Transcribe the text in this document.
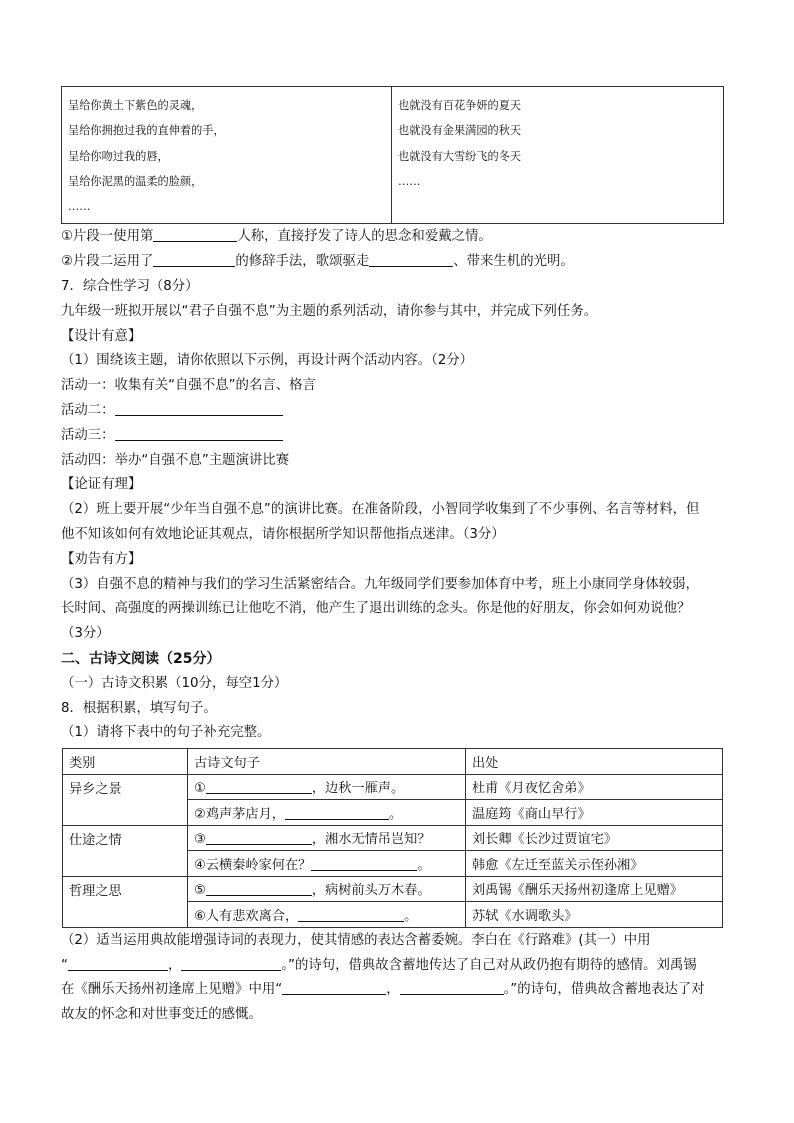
呈给你黄土下紫色的灵魂，
呈给你拥抱过我的直伸着的手，
呈给你吻过我的唇，
呈给你泥黑的温柔的脸颜，
……

也就没有百花争妍的夏天
也就没有金果满园的秋天
也就没有大雪纷飞的冬天
……
①片段一使用第	人称，直接抒发了诗人的思念和爱戴之情。
②片段二运用了	的修辞手法，歌颂驱走	、带来生机的光明。
7．综合性学习（8分）
九年级一班拟开展以“君子自强不息”为主题的系列活动，请你参与其中，并完成下列任务。
【设计有意】
（1）围绕该主题，请你依照以下示例，再设计两个活动内容。（2分）
活动一：收集有关“自强不息”的名言、格言
活动二：
活动三：
活动四：举办“自强不息”主题演讲比赛
【论证有理】
（2）班上要开展“少年当自强不息”的演讲比赛。在准备阶段，小智同学收集到了不少事例、名言等材料，但
他不知该如何有效地论证其观点，请你根据所学知识帮他指点迷津。（3分）
【劝告有方】
（3）自强不息的精神与我们的学习生活紧密结合。九年级同学们要参加体育中考，班上小康同学身体较弱，
长时间、高强度的两操训练已让他吃不消，他产生了退出训练的念头。你是他的好朋友，你会如何劝说他？
（3分）
二、古诗文阅读（25分）
（一）古诗文积累（10分，每空1分）
8．根据积累，填写句子。
（1）请将下表中的句子补充完整。
类别	古诗文句子	出处
异乡之景	① ，边秋一雁声。	杜甫《月夜忆舍弟》
	②鸡声茅店月， 。	温庭筠《商山早行》
仕途之情	③ ，湘水无情吊岂知？	刘长卿《长沙过贾谊宅》
	④云横秦岭家何在？ 。	韩愈《左迁至蓝关示侄孙湘》
哲理之思	⑤ ，病树前头万木春。	刘禹锡《酬乐天扬州初逢席上见赠》
	⑥人有悲欢离合， 。	苏轼《水调歌头》
（2）适当运用典故能增强诗词的表现力，使其情感的表达含蓄委婉。李白在《行路难》(其一）中用
“	，	。”的诗句，借典故含蓄地传达了自己对从政仍抱有期待的感情。刘禹锡
在《酬乐天扬州初逢席上见赠》中用“	，	。”的诗句，借典故含蓄地表达了对
故友的怀念和对世事变迁的感慨。
